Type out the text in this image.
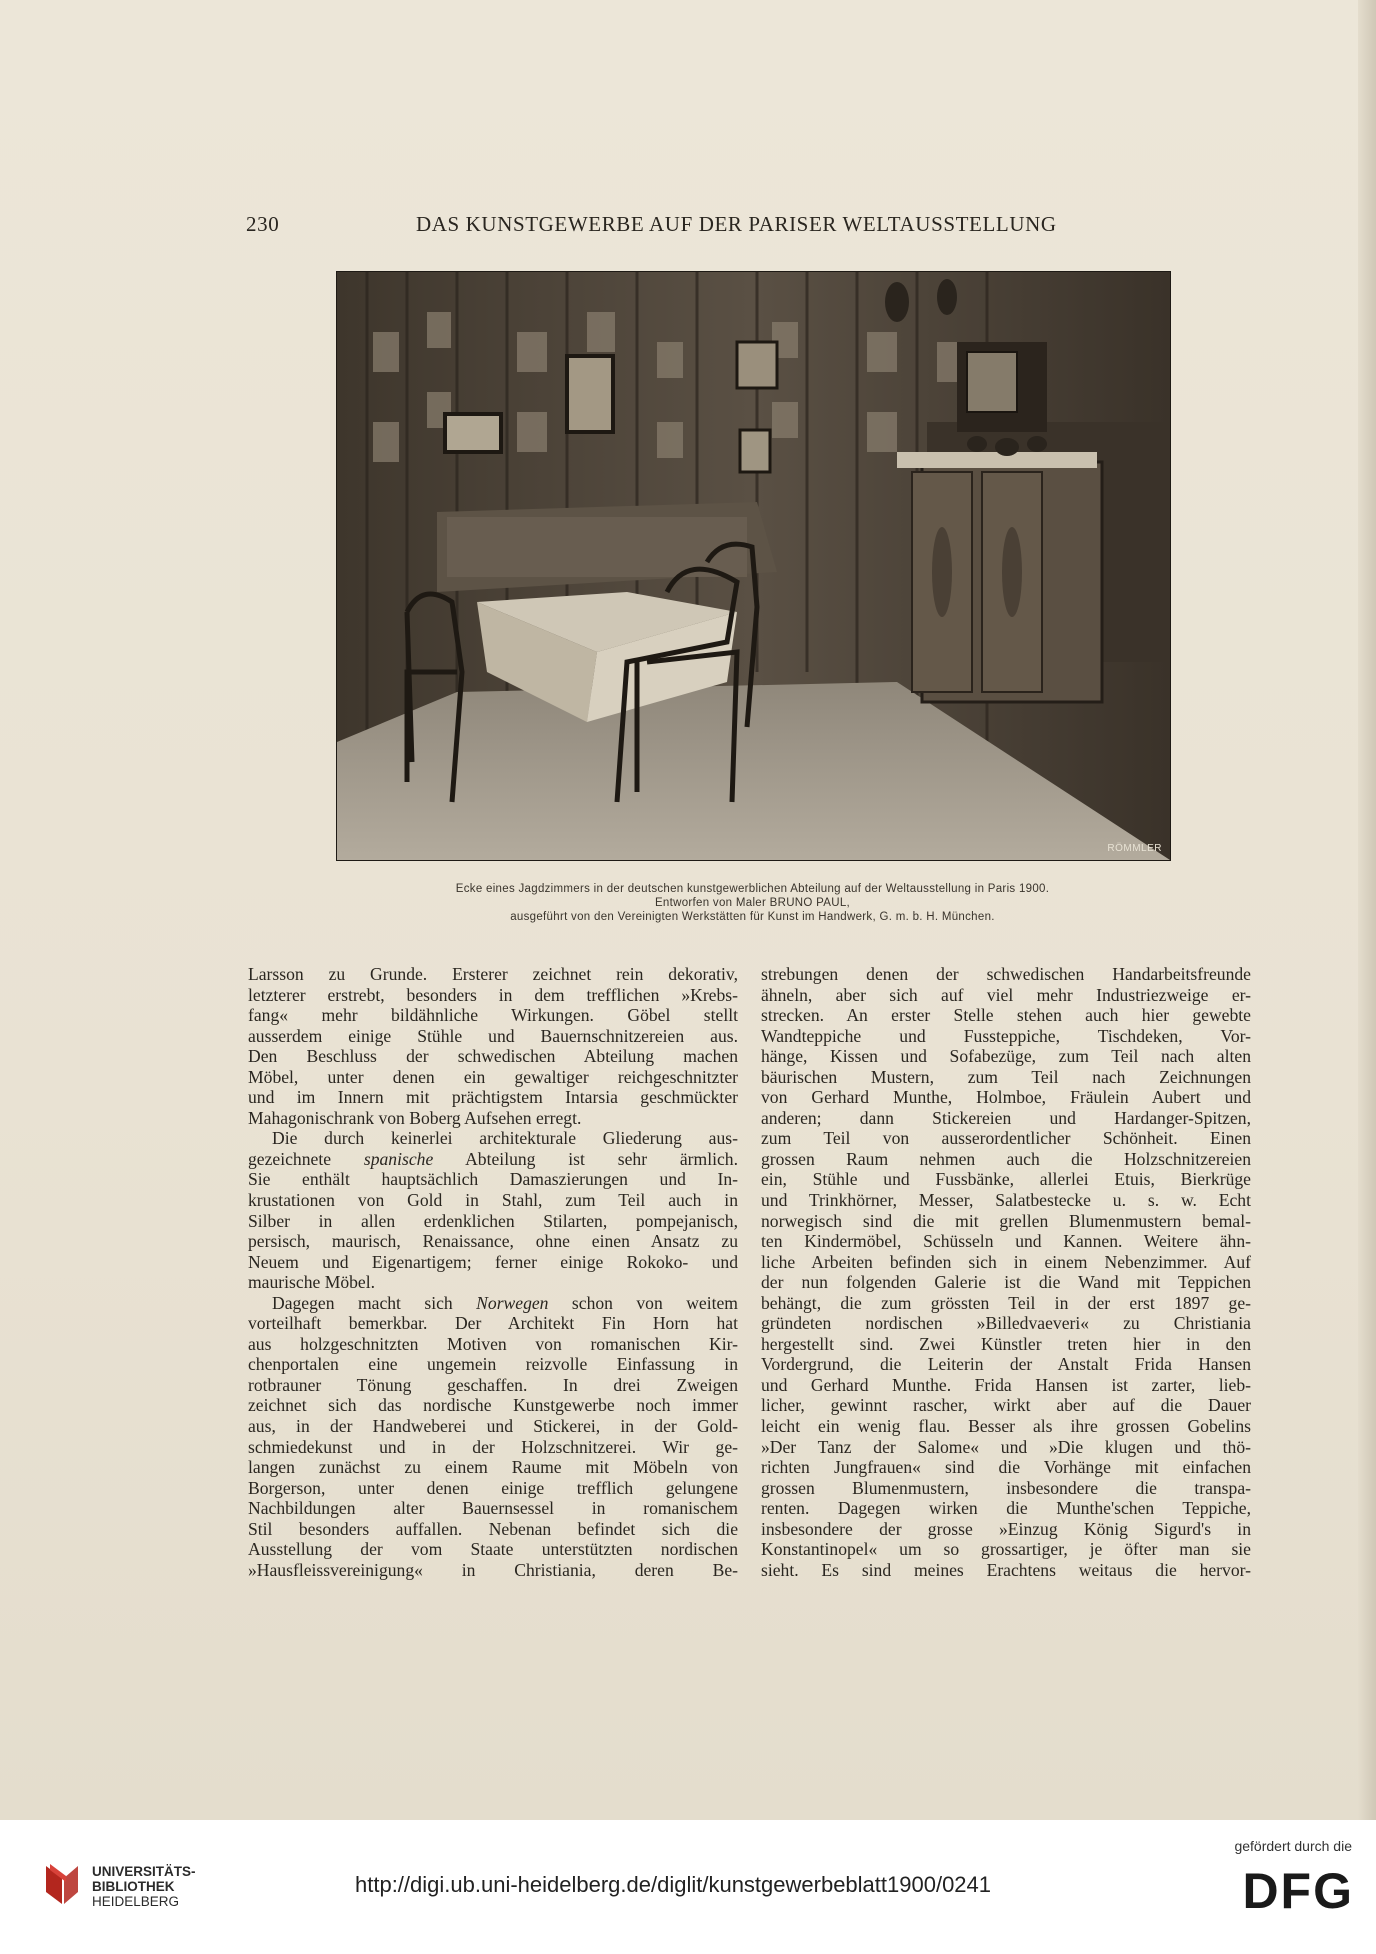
230	DAS KUNSTGEWERBE AUF DER PARISER WELTAUSSTELLUNG
RÖMMLER
Ecke eines Jagdzimmers in der deutschen kunstgewerblichen Abteilung auf der Weltausstellung in Paris 1900.
Entworfen von Maler BRUNO PAUL,
ausgeführt von den Vereinigten Werkstätten für Kunst im Handwerk, G. m. b. H. München.
Larsson zu Grunde. Ersterer zeichnet rein dekorativ,
letzterer erstrebt, besonders in dem trefflichen »Krebs-
fang« mehr bildähnliche Wirkungen. Göbel stellt
ausserdem einige Stühle und Bauernschnitzereien aus.
Den Beschluss der schwedischen Abteilung machen
Möbel, unter denen ein gewaltiger reichgeschnitzter
und im Innern mit prächtigstem Intarsia geschmückter
Mahagonischrank von Boberg Aufsehen erregt.
Die durch keinerlei architekturale Gliederung aus-
gezeichnete spanische Abteilung ist sehr ärmlich.
Sie enthält hauptsächlich Damaszierungen und In-
krustationen von Gold in Stahl, zum Teil auch in
Silber in allen erdenklichen Stilarten, pompejanisch,
persisch, maurisch, Renaissance, ohne einen Ansatz zu
Neuem und Eigenartigem; ferner einige Rokoko- und
maurische Möbel.
Dagegen macht sich Norwegen schon von weitem
vorteilhaft bemerkbar. Der Architekt Fin Horn hat
aus holzgeschnitzten Motiven von romanischen Kir-
chenportalen eine ungemein reizvolle Einfassung in
rotbrauner Tönung geschaffen. In drei Zweigen
zeichnet sich das nordische Kunstgewerbe noch immer
aus, in der Handweberei und Stickerei, in der Gold-
schmiedekunst und in der Holzschnitzerei. Wir ge-
langen zunächst zu einem Raume mit Möbeln von
Borgerson, unter denen einige trefflich gelungene
Nachbildungen alter Bauernsessel in romanischem
Stil besonders auffallen. Nebenan befindet sich die
Ausstellung der vom Staate unterstützten nordischen
»Hausfleissvereinigung« in Christiania, deren Be-
strebungen denen der schwedischen Handarbeitsfreunde
ähneln, aber sich auf viel mehr Industriezweige er-
strecken. An erster Stelle stehen auch hier gewebte
Wandteppiche und Fussteppiche, Tischdeken, Vor-
hänge, Kissen und Sofabezüge, zum Teil nach alten
bäurischen Mustern, zum Teil nach Zeichnungen
von Gerhard Munthe, Holmboe, Fräulein Aubert und
anderen; dann Stickereien und Hardanger-Spitzen,
zum Teil von ausserordentlicher Schönheit. Einen
grossen Raum nehmen auch die Holzschnitzereien
ein, Stühle und Fussbänke, allerlei Etuis, Bierkrüge
und Trinkhörner, Messer, Salatbestecke u. s. w. Echt
norwegisch sind die mit grellen Blumenmustern bemal-
ten Kindermöbel, Schüsseln und Kannen. Weitere ähn-
liche Arbeiten befinden sich in einem Nebenzimmer. Auf
der nun folgenden Galerie ist die Wand mit Teppichen
behängt, die zum grössten Teil in der erst 1897 ge-
gründeten nordischen »Billedvaeveri« zu Christiania
hergestellt sind. Zwei Künstler treten hier in den
Vordergrund, die Leiterin der Anstalt Frida Hansen
und Gerhard Munthe. Frida Hansen ist zarter, lieb-
licher, gewinnt rascher, wirkt aber auf die Dauer
leicht ein wenig flau. Besser als ihre grossen Gobelins
»Der Tanz der Salome« und »Die klugen und thö-
richten Jungfrauen« sind die Vorhänge mit einfachen
grossen Blumenmustern, insbesondere die transpa-
renten. Dagegen wirken die Munthe'schen Teppiche,
insbesondere der grosse »Einzug König Sigurd's in
Konstantinopel« um so grossartiger, je öfter man sie
sieht. Es sind meines Erachtens weitaus die hervor-
UNIVERSITÄTS-
BIBLIOTHEK
HEIDELBERG
http://digi.ub.uni-heidelberg.de/diglit/kunstgewerbeblatt1900/0241
gefördert durch die
DFG
